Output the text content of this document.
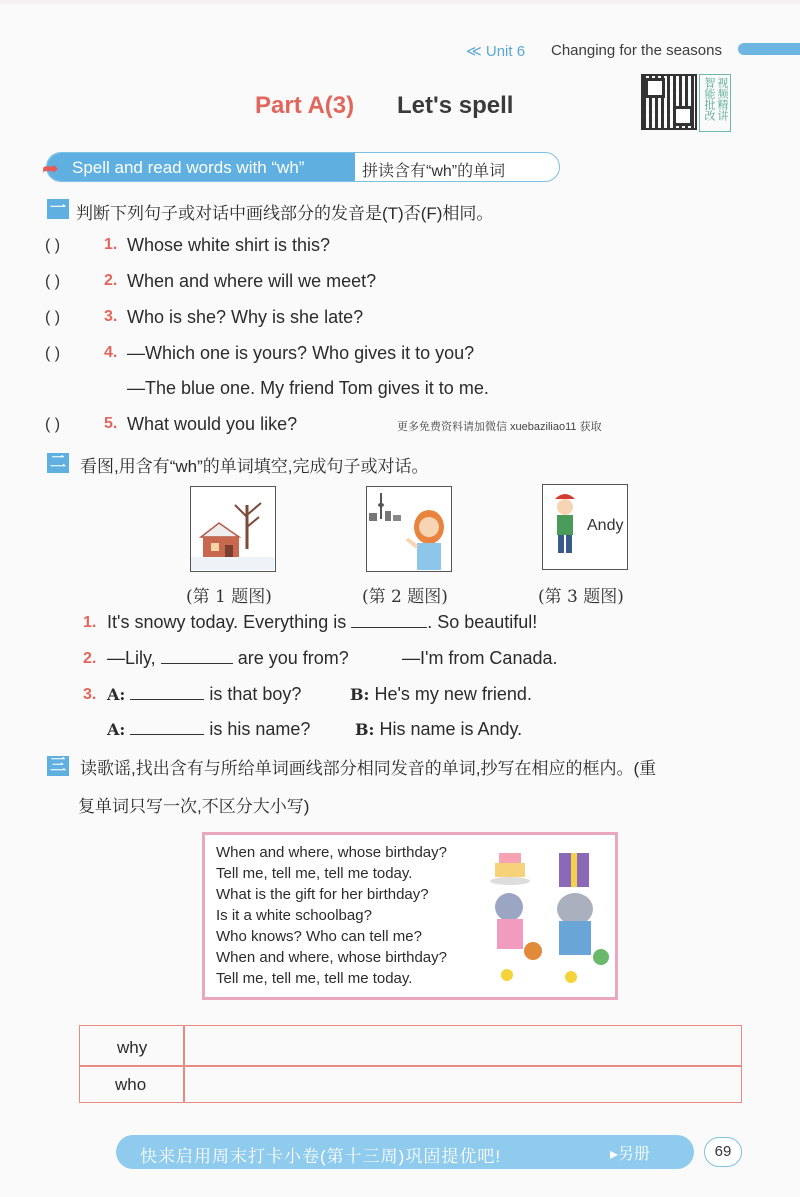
≪ Unit 6 Changing for the seasons
视频精讲智能批改
Part A(3) Let's spell
➦ Spell and read words with “wh”	拼读含有“wh”的单词
一 判断下列句子或对话中画线部分的发音是(T)否(F)相同。
( )	1. Whose white shirt is this?
( )	2. When and where will we meet?
( )	3. Who is she? Why is she late?
( )	4. —Which one is yours? Who gives it to you?
—The blue one. My friend Tom gives it to me.
( )	5. What would you like?	更多免费资料请加微信 xuebaziliao11 获取
二 看图,用含有“wh”的单词填空,完成句子或对话。
Andy
(第 1 题图)	(第 2 题图)	(第 3 题图)
1. It's snowy today. Everything is	. So beautiful!
2. —Lily,	are you from?	—I'm from Canada.
3. A:	is that boy?	B: He's my new friend.
A:	is his name?	B: His name is Andy.
三 读歌谣,找出含有与所给单词画线部分相同发音的单词,抄写在相应的框内。(重
复单词只写一次,不区分大小写)
When and where, whose birthday?
Tell me, tell me, tell me today.
What is the gift for her birthday?
Is it a white schoolbag?
Who knows? Who can tell me?
When and where, whose birthday?
Tell me, tell me, tell me today.
why
who
快来启用周末打卡小卷(第十三周)巩固提优吧!	▸另册	69
